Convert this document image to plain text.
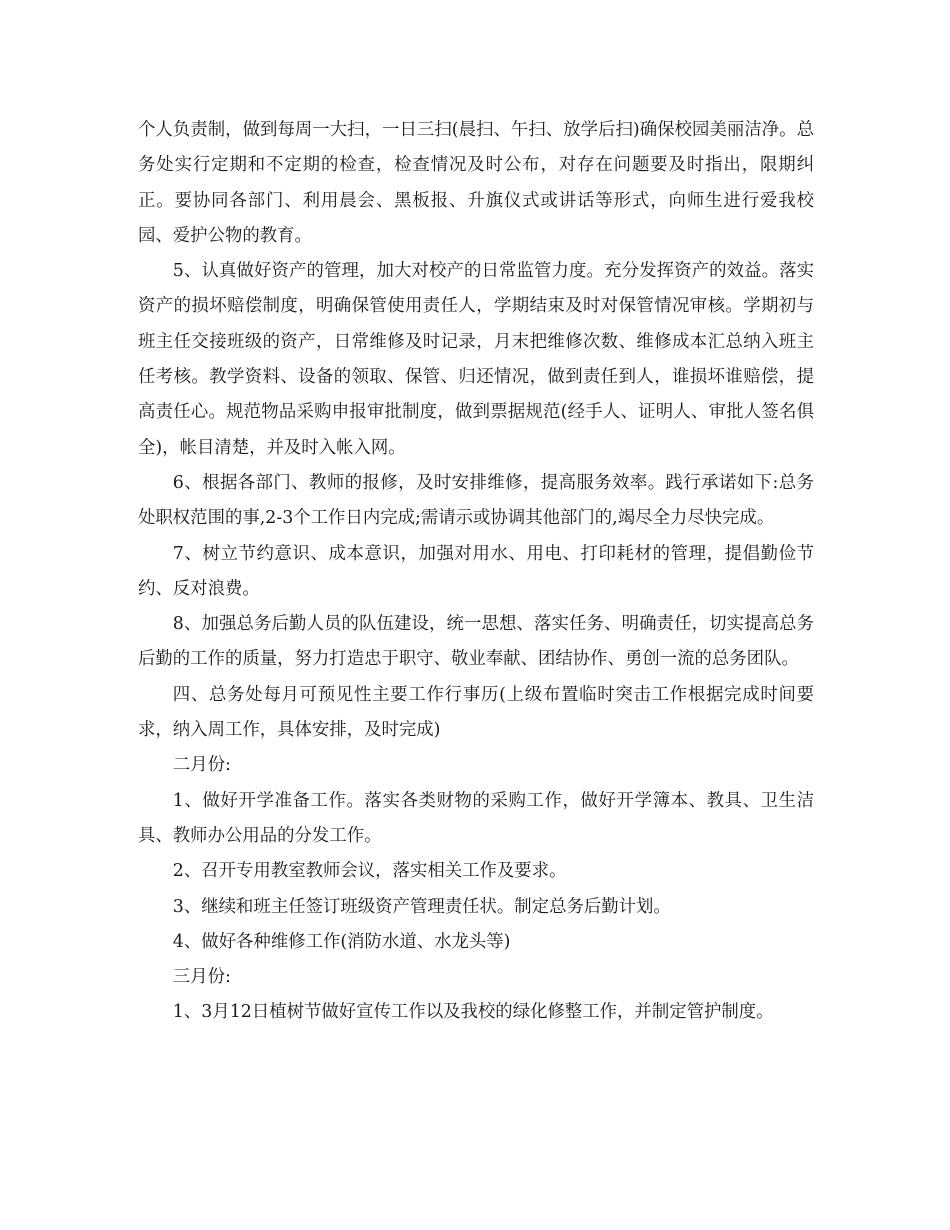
个人负责制，做到每周一大扫，一日三扫(晨扫、午扫、放学后扫)确保校园美丽洁净。总务处实行定期和不定期的检查，检查情况及时公布，对存在问题要及时指出，限期纠正。要协同各部门、利用晨会、黑板报、升旗仪式或讲话等形式，向师生进行爱我校园、爱护公物的教育。

5、认真做好资产的管理，加大对校产的日常监管力度。充分发挥资产的效益。落实资产的损坏赔偿制度，明确保管使用责任人，学期结束及时对保管情况审核。学期初与班主任交接班级的资产，日常维修及时记录，月末把维修次数、维修成本汇总纳入班主任考核。教学资料、设备的领取、保管、归还情况，做到责任到人，谁损坏谁赔偿，提高责任心。规范物品采购申报审批制度，做到票据规范(经手人、证明人、审批人签名俱全)，帐目清楚，并及时入帐入网。

6、根据各部门、教师的报修，及时安排维修，提高服务效率。践行承诺如下:总务处职权范围的事,2-3个工作日内完成;需请示或协调其他部门的,竭尽全力尽快完成。

7、树立节约意识、成本意识，加强对用水、用电、打印耗材的管理，提倡勤俭节约、反对浪费。

8、加强总务后勤人员的队伍建设，统一思想、落实任务、明确责任，切实提高总务后勤的工作的质量，努力打造忠于职守、敬业奉献、团结协作、勇创一流的总务团队。

四、总务处每月可预见性主要工作行事历(上级布置临时突击工作根据完成时间要求，纳入周工作，具体安排，及时完成)

二月份:

1、做好开学准备工作。落实各类财物的采购工作，做好开学簿本、教具、卫生洁具、教师办公用品的分发工作。

2、召开专用教室教师会议，落实相关工作及要求。

3、继续和班主任签订班级资产管理责任状。制定总务后勤计划。

4、做好各种维修工作(消防水道、水龙头等)

三月份:

1、3月12日植树节做好宣传工作以及我校的绿化修整工作，并制定管护制度。
